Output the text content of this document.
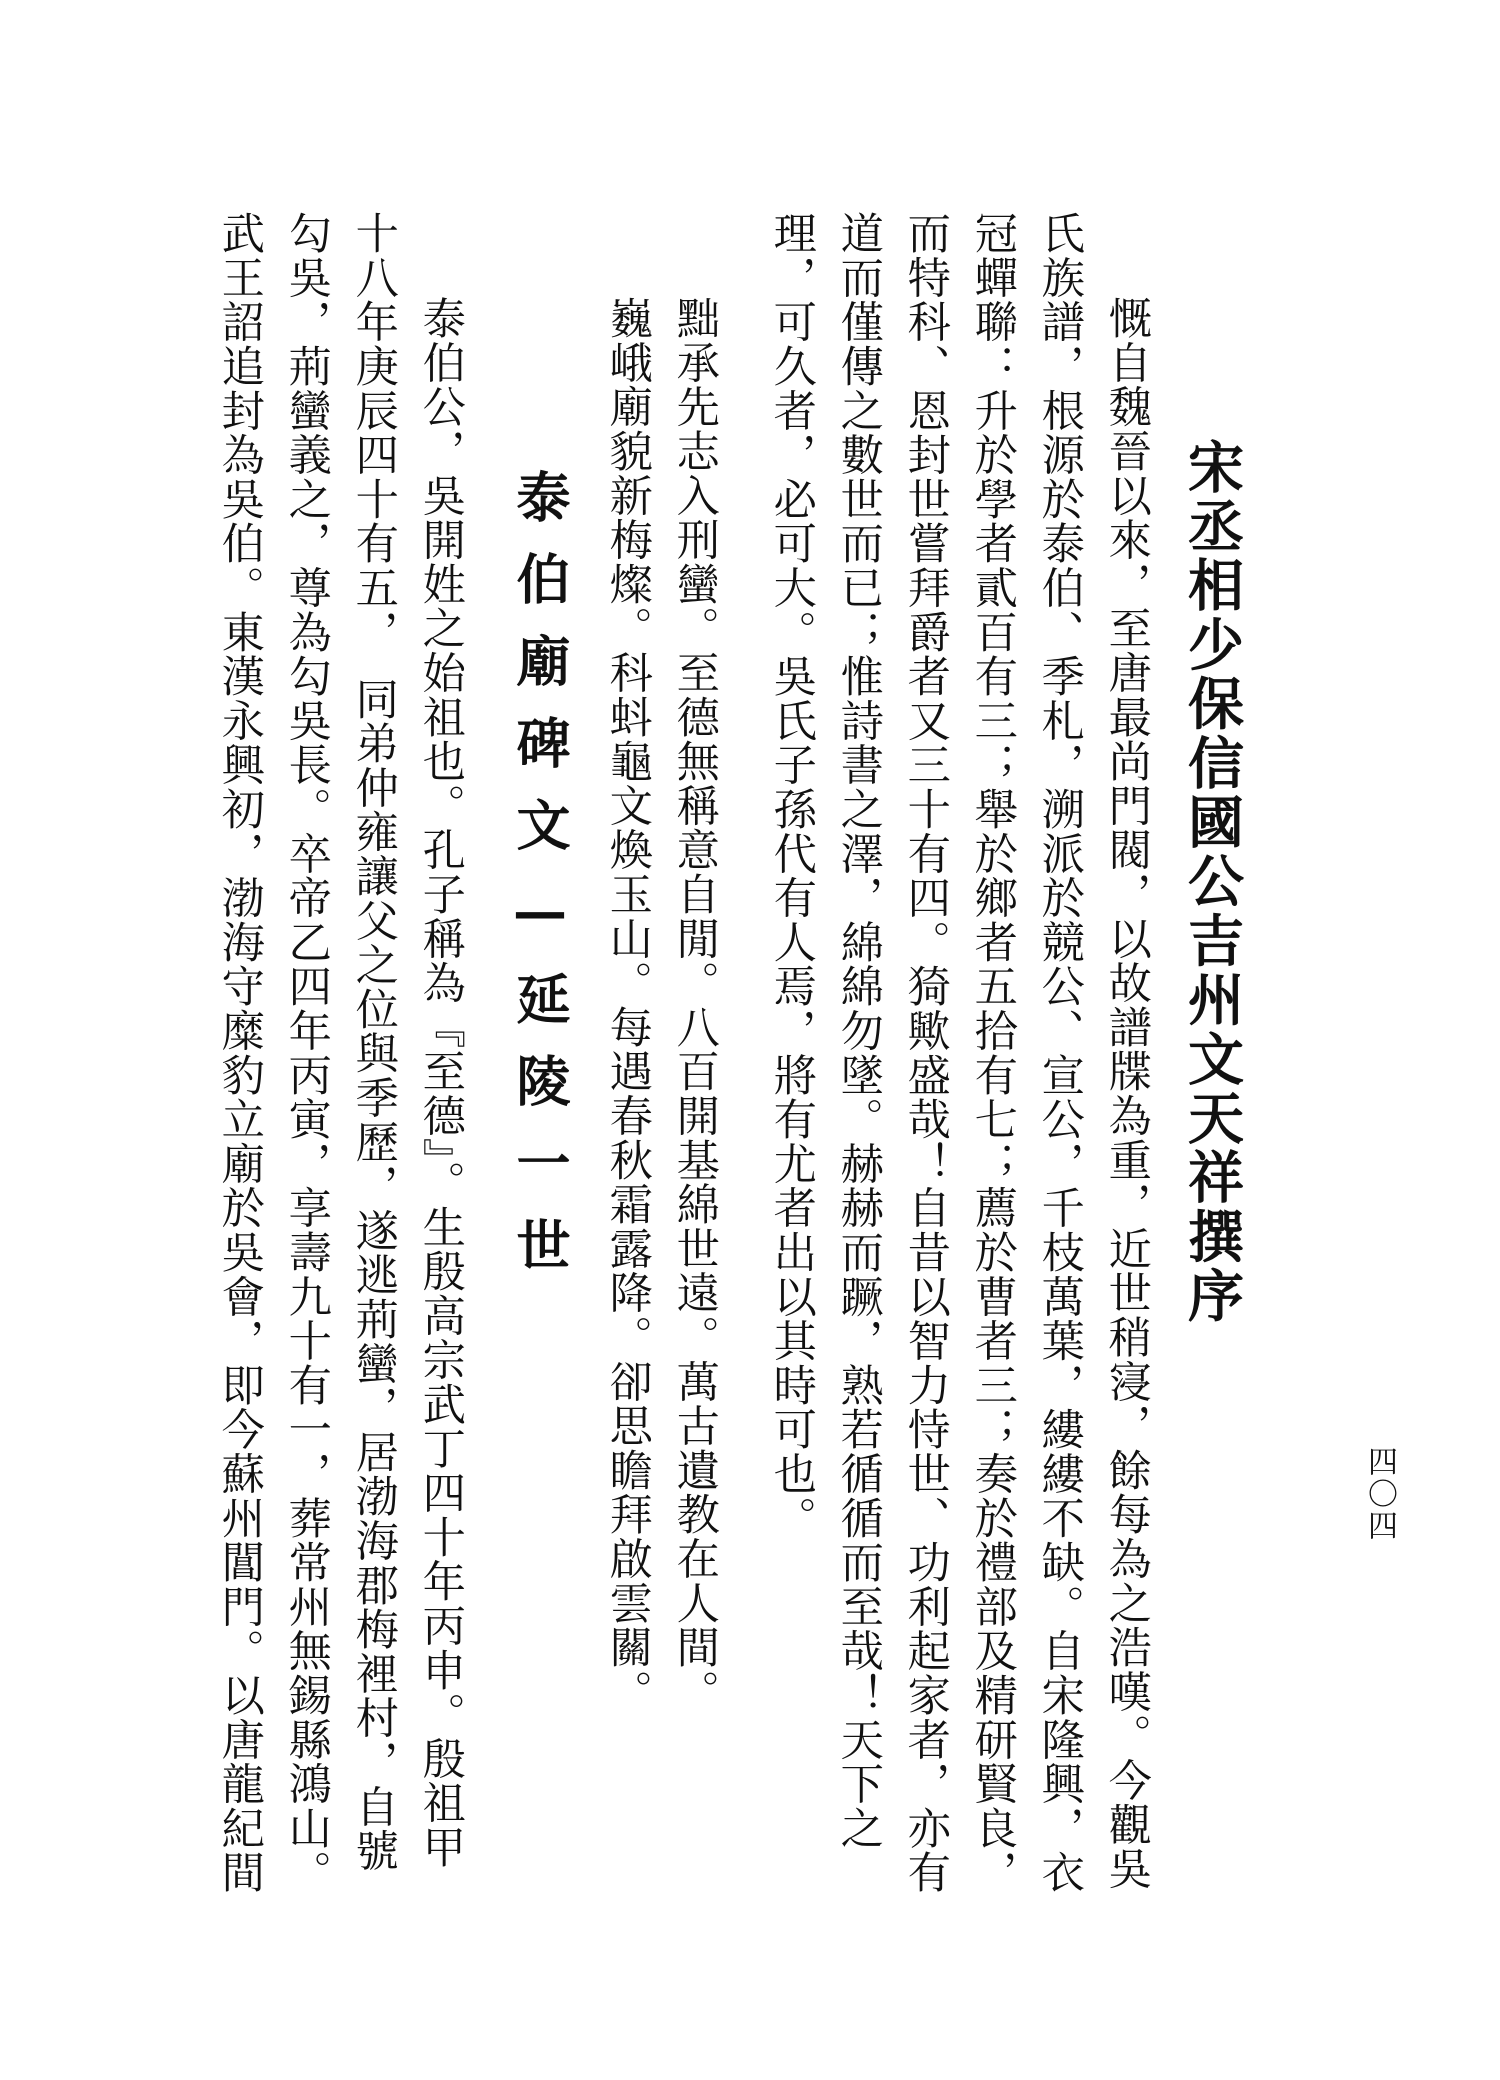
四〇四
宋丞相少保信國公吉州文天祥撰序
慨自魏晉以來，至唐最尚門閥，以故譜牒為重，近世稍寖，餘每為之浩嘆。今觀吳
氏族譜，根源於泰伯、季札，溯派於競公、宣公，千枝萬葉，縷縷不缺。自宋隆興，衣
冠蟬聯：升於學者貳百有三；舉於鄉者五拾有七；薦於曹者三；奏於禮部及精研賢良，
而特科、恩封世嘗拜爵者又三十有四。猗歟盛哉！自昔以智力恃世、功利起家者，亦有
道而僅傳之數世而已；惟詩書之澤，綿綿勿墜。赫赫而蹶，熟若循循而至哉！天下之
理，可久者，必可大。吳氏子孫代有人焉，將有尤者出以其時可也。
黜承先志入刑蠻。至德無稱意自閒。八百開基綿世遠。萬古遺教在人間。
巍峨廟貌新梅燦。科蚪龜文煥玉山。每遇春秋霜露降。卻思瞻拜啟雲關。
泰伯廟碑文—延陵一世
泰伯公，吳開姓之始祖也。孔子稱為『至德』。生殷高宗武丁四十年丙申。殷祖甲
十八年庚辰四十有五，　同弟仲雍讓父之位與季歷，遂逃荊蠻，居渤海郡梅裡村，自號
勾吳，荊蠻義之，尊為勾吳長。卒帝乙四年丙寅，享壽九十有一，葬常州無錫縣鴻山。
武王詔追封為吳伯。東漢永興初，渤海守糜豹立廟於吳會，即今蘇州閶門。以唐龍紀間
